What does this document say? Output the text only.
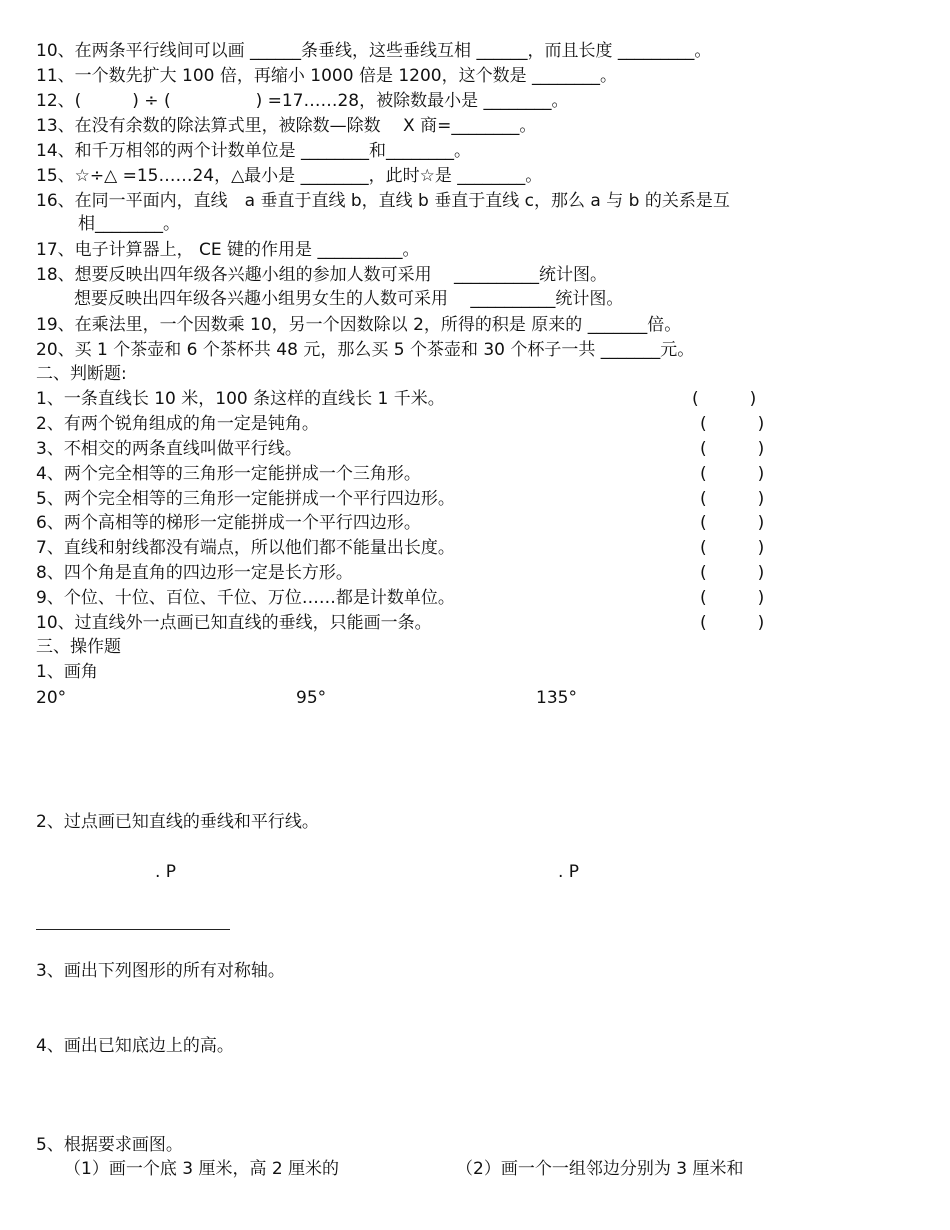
10、在两条平行线间可以画 ______条垂线，这些垂线互相 ______，而且长度 _________。
11、一个数先扩大 100 倍，再缩小 1000 倍是 1200，这个数是 ________。
12、(　　　) ÷ (　　　　　) =17……28，被除数最小是 ________。
13、在没有余数的除法算式里，被除数—除数　 X 商=________。
14、和千万相邻的两个计数单位是 ________和________。
15、☆÷△ =15……24，△最小是 ________，此时☆是 ________。
16、在同一平面内，直线　a 垂直于直线 b，直线 b 垂直于直线 c，那么 a 与 b 的关系是互
相________。
17、电子计算器上， CE 键的作用是 __________。
18、想要反映出四年级各兴趣小组的参加人数可采用 　__________统计图。
想要反映出四年级各兴趣小组男女生的人数可采用 　__________统计图。
19、在乘法里，一个因数乘 10，另一个因数除以 2，所得的积是 原来的 _______倍。
20、买 1 个茶壶和 6 个茶杯共 48 元，那么买 5 个茶壶和 30 个杯子一共 _______元。
二、判断题:
1、一条直线长 10 米，100 条这样的直线长 1 千米。	(　　　)
2、有两个锐角组成的角一定是钝角。	(　　　)
3、不相交的两条直线叫做平行线。	(　　　)
4、两个完全相等的三角形一定能拼成一个三角形。	(　　　)
5、两个完全相等的三角形一定能拼成一个平行四边形。	(　　　)
6、两个高相等的梯形一定能拼成一个平行四边形。	(　　　)
7、直线和射线都没有端点，所以他们都不能量出长度。	(　　　)
8、四个角是直角的四边形一定是长方形。	(　　　)
9、个位、十位、百位、千位、万位……都是计数单位。	(　　　)
10、过直线外一点画已知直线的垂线，只能画一条。	(　　　)
三、操作题
1、画角
20°	95°	135°
2、过点画已知直线的垂线和平行线。
. P	. P
3、画出下列图形的所有对称轴。
4、画出已知底边上的高。
5、根据要求画图。
（1）画一个底 3 厘米，高 2 厘米的	（2）画一个一组邻边分别为 3 厘米和
